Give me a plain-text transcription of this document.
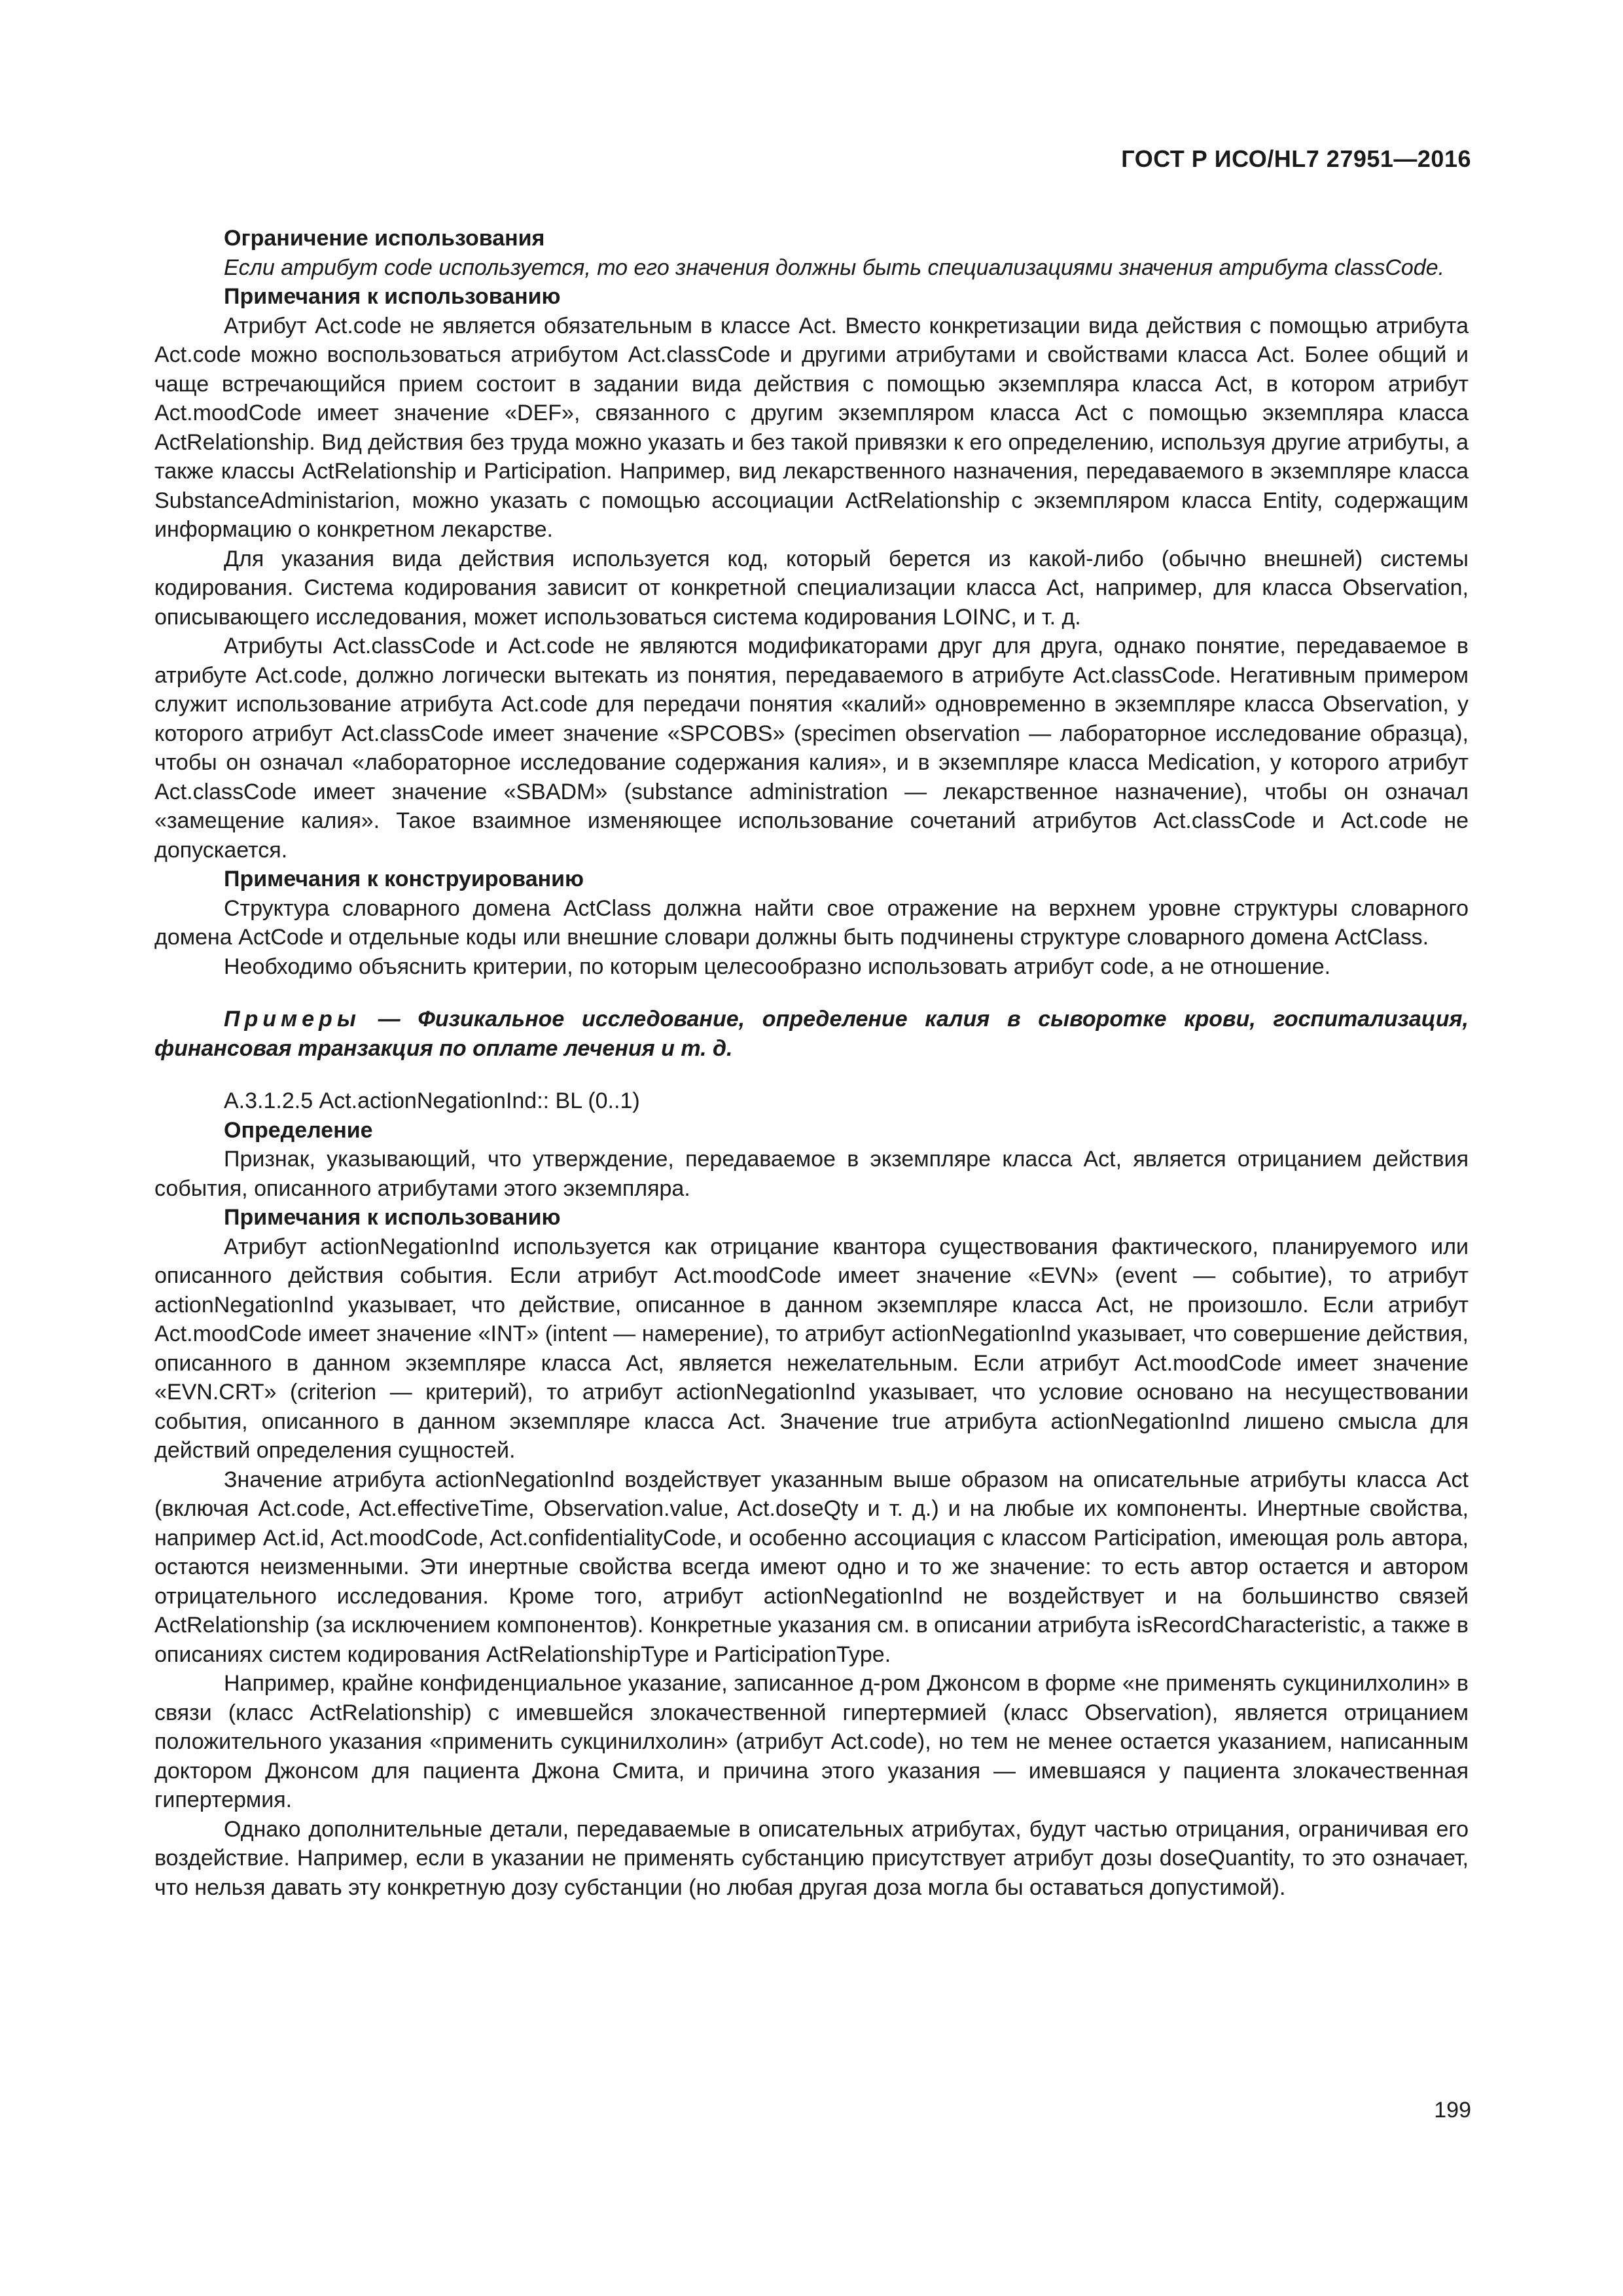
ГОСТ Р ИСО/HL7 27951—2016
Ограничение использования

Если атрибут code используется, то его значения должны быть специализациями значения атрибута classCode.

Примечания к использованию

Атрибут Act.code не является обязательным в классе Act. Вместо конкретизации вида действия с помощью атрибута Act.code можно воспользоваться атрибутом Act.classCode и другими атрибутами и свойствами класса Act. Более общий и чаще встречающийся прием состоит в задании вида действия с помощью экземпляра класса Act, в котором атрибут Act.moodCode имеет значение «DEF», связанного с другим экземпляром класса Act с помощью экземпляра класса ActRelationship. Вид действия без труда можно указать и без такой привязки к его определению, используя другие атрибуты, а также классы ActRelationship и Participation. Например, вид лекарственного назначения, передаваемого в экземпляре класса SubstanceAdministarion, можно указать с помощью ассоциации ActRelationship с экземпляром класса Entity, содержащим информацию о конкретном лекарстве.

Для указания вида действия используется код, который берется из какой-либо (обычно внешней) системы кодирования. Система кодирования зависит от конкретной специализации класса Act, например, для класса Observation, описывающего исследования, может использоваться система кодирования LOINC, и т. д.

Атрибуты Act.classCode и Act.code не являются модификаторами друг для друга, однако понятие, передаваемое в атрибуте Act.code, должно логически вытекать из понятия, передаваемого в атрибуте Act.classCode. Негативным примером служит использование атрибута Act.code для передачи понятия «калий» одновременно в экземпляре класса Observation, у которого атрибут Act.classCode имеет значение «SPCOBS» (specimen observation — лабораторное исследование образца), чтобы он означал «лабораторное исследование содержания калия», и в экземпляре класса Medication, у которого атрибут Act.classCode имеет значение «SBADM» (substance administration — лекарственное назначение), чтобы он означал «замещение калия». Такое взаимное изменяющее использование сочетаний атрибутов Act.classCode и Act.code не допускается.

Примечания к конструированию

Структура словарного домена ActClass должна найти свое отражение на верхнем уровне структуры словарного домена ActCode и отдельные коды или внешние словари должны быть подчинены структуре словарного домена ActClass.

Необходимо объяснить критерии, по которым целесообразно использовать атрибут code, а не отношение.

Примеры — Физикальное исследование, определение калия в сыворотке крови, госпитализация, финансовая транзакция по оплате лечения и т. д.

А.3.1.2.5 Act.actionNegationInd:: BL (0..1)

Определение

Признак, указывающий, что утверждение, передаваемое в экземпляре класса Act, является отрицанием действия события, описанного атрибутами этого экземпляра.

Примечания к использованию

Атрибут actionNegationInd используется как отрицание квантора существования фактического, планируемого или описанного действия события. Если атрибут Act.moodCode имеет значение «EVN» (event — событие), то атрибут actionNegationInd указывает, что действие, описанное в данном экземпляре класса Act, не произошло. Если атрибут Act.moodCode имеет значение «INT» (intent — намерение), то атрибут actionNegationInd указывает, что совершение действия, описанного в данном экземпляре класса Act, является нежелательным. Если атрибут Act.moodCode имеет значение «EVN.CRT» (criterion — критерий), то атрибут actionNegationInd указывает, что условие основано на несуществовании события, описанного в данном экземпляре класса Act. Значение true атрибута actionNegationInd лишено смысла для действий определения сущностей.

Значение атрибута actionNegationInd воздействует указанным выше образом на описательные атрибуты класса Act (включая Act.code, Act.effectiveTime, Observation.value, Act.doseQty и т. д.) и на любые их компоненты. Инертные свойства, например Act.id, Act.moodCode, Act.confidentialityCode, и особенно ассоциация с классом Participation, имеющая роль автора, остаются неизменными. Эти инертные свойства всегда имеют одно и то же значение: то есть автор остается и автором отрицательного исследования. Кроме того, атрибут actionNegationInd не воздействует и на большинство связей ActRelationship (за исключением компонентов). Конкретные указания см. в описании атрибута isRecordCharacteristic, а также в описаниях систем кодирования ActRelationshipType и ParticipationType.

Например, крайне конфиденциальное указание, записанное д-ром Джонсом в форме «не применять сукцинилхолин» в связи (класс ActRelationship) с имевшейся злокачественной гипертермией (класс Observation), является отрицанием положительного указания «применить сукцинилхолин» (атрибут Act.code), но тем не менее остается указанием, написанным доктором Джонсом для пациента Джона Смита, и причина этого указания — имевшаяся у пациента злокачественная гипертермия.

Однако дополнительные детали, передаваемые в описательных атрибутах, будут частью отрицания, ограничивая его воздействие. Например, если в указании не применять субстанцию присутствует атрибут дозы doseQuantity, то это означает, что нельзя давать эту конкретную дозу субстанции (но любая другая доза могла бы оставаться допустимой).

199
